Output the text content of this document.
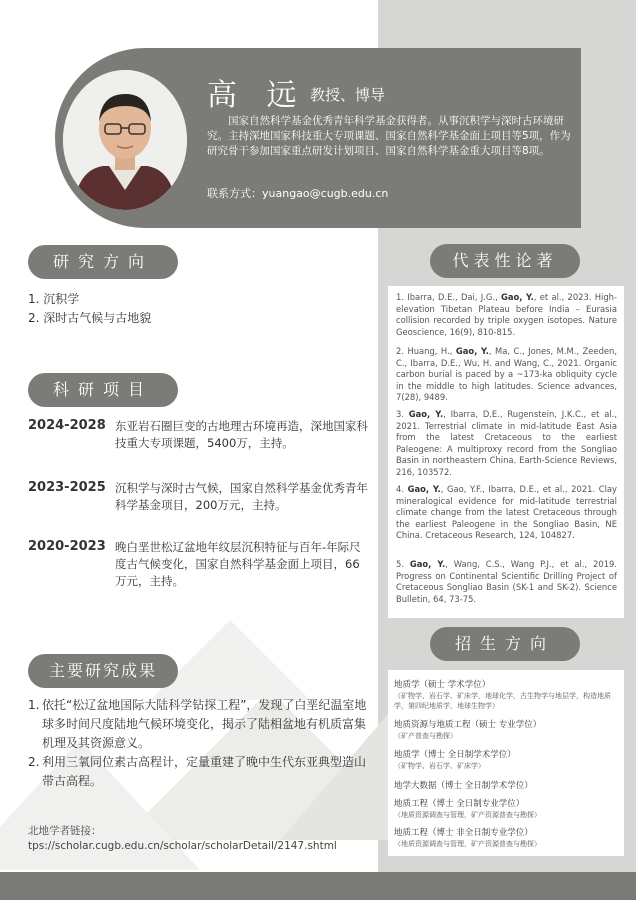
高 远 教授、博导
国家自然科学基金优秀青年科学基金获得者。从事沉积学与深时古环境研究。主持深地国家科技重大专项课题、国家自然科学基金面上项目等5项，作为研究骨干参加国家重点研发计划项目、国家自然科学基金重大项目等8项。
联系方式：yuangao@cugb.edu.cn
研究方向
1. 沉积学
2. 深时古气候与古地貌
科研项目
2024-2028 东亚岩石圈巨变的古地理古环境再造，深地国家科技重大专项课题，5400万，主持。
2023-2025 沉积学与深时古气候，国家自然科学基金优秀青年科学基金项目，200万元，主持。
2020-2023 晚白垩世松辽盆地年纹层沉积特征与百年-年际尺度古气候变化，国家自然科学基金面上项目，66万元，主持。
主要研究成果
1. 依托“松辽盆地国际大陆科学钻探工程”，发现了白垩纪温室地球多时间尺度陆地气候环境变化，揭示了陆相盆地有机质富集机理及其资源意义。
2. 利用三氧同位素古高程计，定量重建了晚中生代东亚典型造山带古高程。
北地学者链接：
tps://scholar.cugb.edu.cn/scholar/scholarDetail/2147.shtml
代表性论著
1. Ibarra, D.E., Dai, J.G., Gao, Y., et al., 2023. High-elevation Tibetan Plateau before India – Eurasia collision recorded by triple oxygen isotopes. Nature Geoscience, 16(9), 810-815.
2. Huang, H., Gao, Y., Ma, C., Jones, M.M., Zeeden, C., Ibarra, D.E., Wu, H. and Wang, C., 2021. Organic carbon burial is paced by a ~173-ka obliquity cycle in the middle to high latitudes. Science advances, 7(28), 9489.
3. Gao, Y., Ibarra, D.E., Rugenstein, J.K.C., et al., 2021. Terrestrial climate in mid-latitude East Asia from the latest Cretaceous to the earliest Paleogene: A multiproxy record from the Songliao Basin in northeastern China. Earth-Science Reviews, 216, 103572.
4. Gao, Y., Gao, Y.F., Ibarra, D.E., et al., 2021. Clay mineralogical evidence for mid-latitude terrestrial climate change from the latest Cretaceous through the earliest Paleogene in the Songliao Basin, NE China. Cretaceous Research, 124, 104827.
5. Gao, Y., Wang, C.S., Wang P.J., et al., 2019. Progress on Continental Scientific Drilling Project of Cretaceous Songliao Basin (SK-1 and SK-2). Science Bulletin, 64, 73-75.
招生方向
地质学（硕士 学术学位）
（矿物学、岩石学、矿床学，地球化学，古生物学与地层学，构造地质学，第四纪地质学，地球生物学）
地质资源与地质工程（硕士 专业学位）
（矿产普查与勘探）
地质学（博士 全日制学术学位）
（矿物学、岩石学、矿床学）
地学大数据（博士 全日制学术学位）
地质工程（博士 全日制专业学位）
（地质资源调查与管理，矿产资源普查与勘探）
地质工程（博士 非全日制专业学位）
（地质资源调查与管理，矿产资源普查与勘探）
